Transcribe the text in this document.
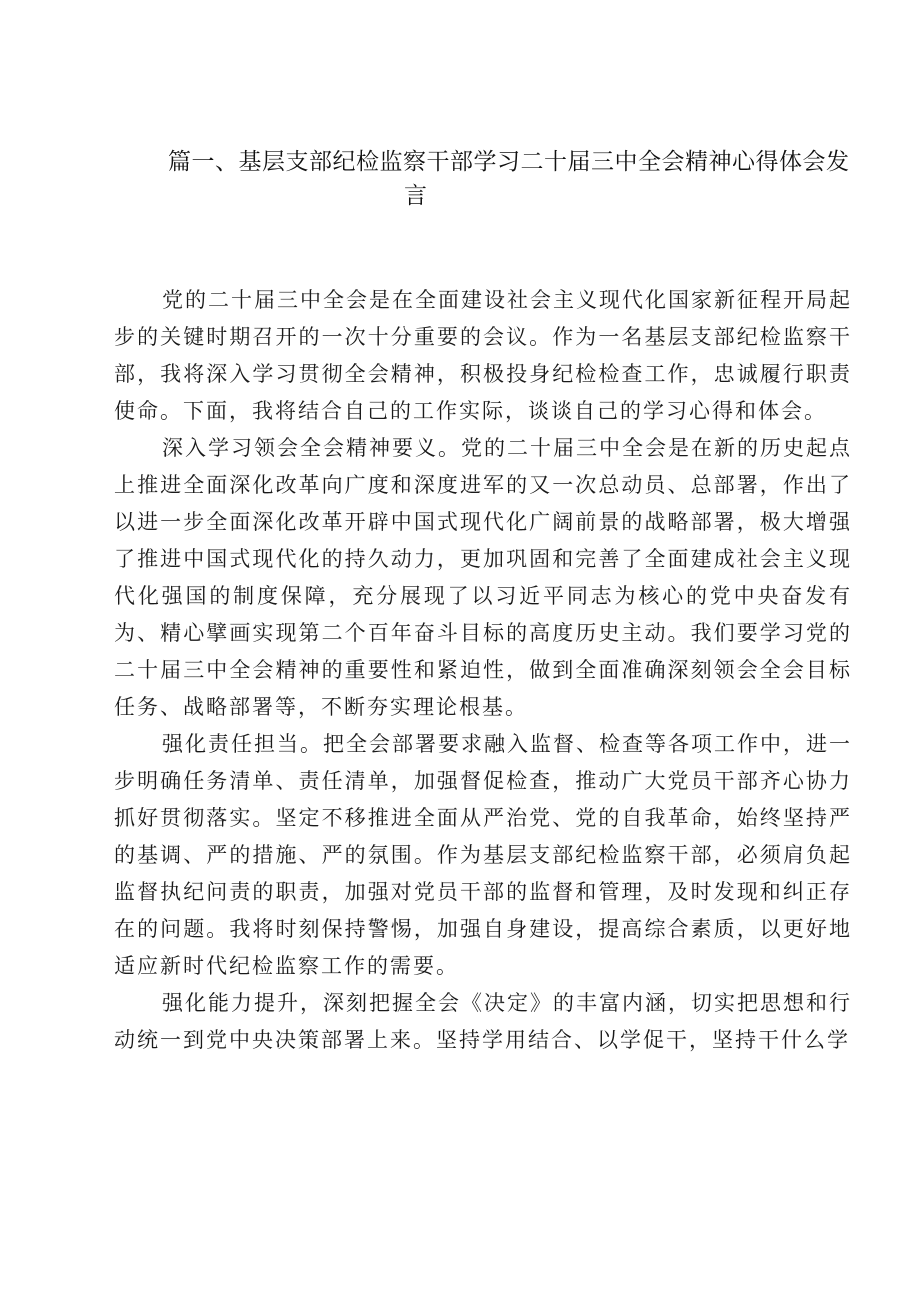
篇一、基层支部纪检监察干部学习二十届三中全会精神心得体会发
言

党的二十届三中全会是在全面建设社会主义现代化国家新征程开局起步的关键时期召开的一次十分重要的会议。作为一名基层支部纪检监察干部，我将深入学习贯彻全会精神，积极投身纪检检查工作，忠诚履行职责使命。下面，我将结合自己的工作实际，谈谈自己的学习心得和体会。

深入学习领会全会精神要义。党的二十届三中全会是在新的历史起点上推进全面深化改革向广度和深度进军的又一次总动员、总部署，作出了以进一步全面深化改革开辟中国式现代化广阔前景的战略部署，极大增强了推进中国式现代化的持久动力，更加巩固和完善了全面建成社会主义现代化强国的制度保障，充分展现了以习近平同志为核心的党中央奋发有为、精心擘画实现第二个百年奋斗目标的高度历史主动。我们要学习党的二十届三中全会精神的重要性和紧迫性，做到全面准确深刻领会全会目标任务、战略部署等，不断夯实理论根基。

强化责任担当。把全会部署要求融入监督、检查等各项工作中，进一步明确任务清单、责任清单，加强督促检查，推动广大党员干部齐心协力抓好贯彻落实。坚定不移推进全面从严治党、党的自我革命，始终坚持严的基调、严的措施、严的氛围。作为基层支部纪检监察干部，必须肩负起监督执纪问责的职责，加强对党员干部的监督和管理，及时发现和纠正存在的问题。我将时刻保持警惕，加强自身建设，提高综合素质，以更好地适应新时代纪检监察工作的需要。

强化能力提升，深刻把握全会《决定》的丰富内涵，切实把思想和行动统一到党中央决策部署上来。坚持学用结合、以学促干，坚持干什么学
